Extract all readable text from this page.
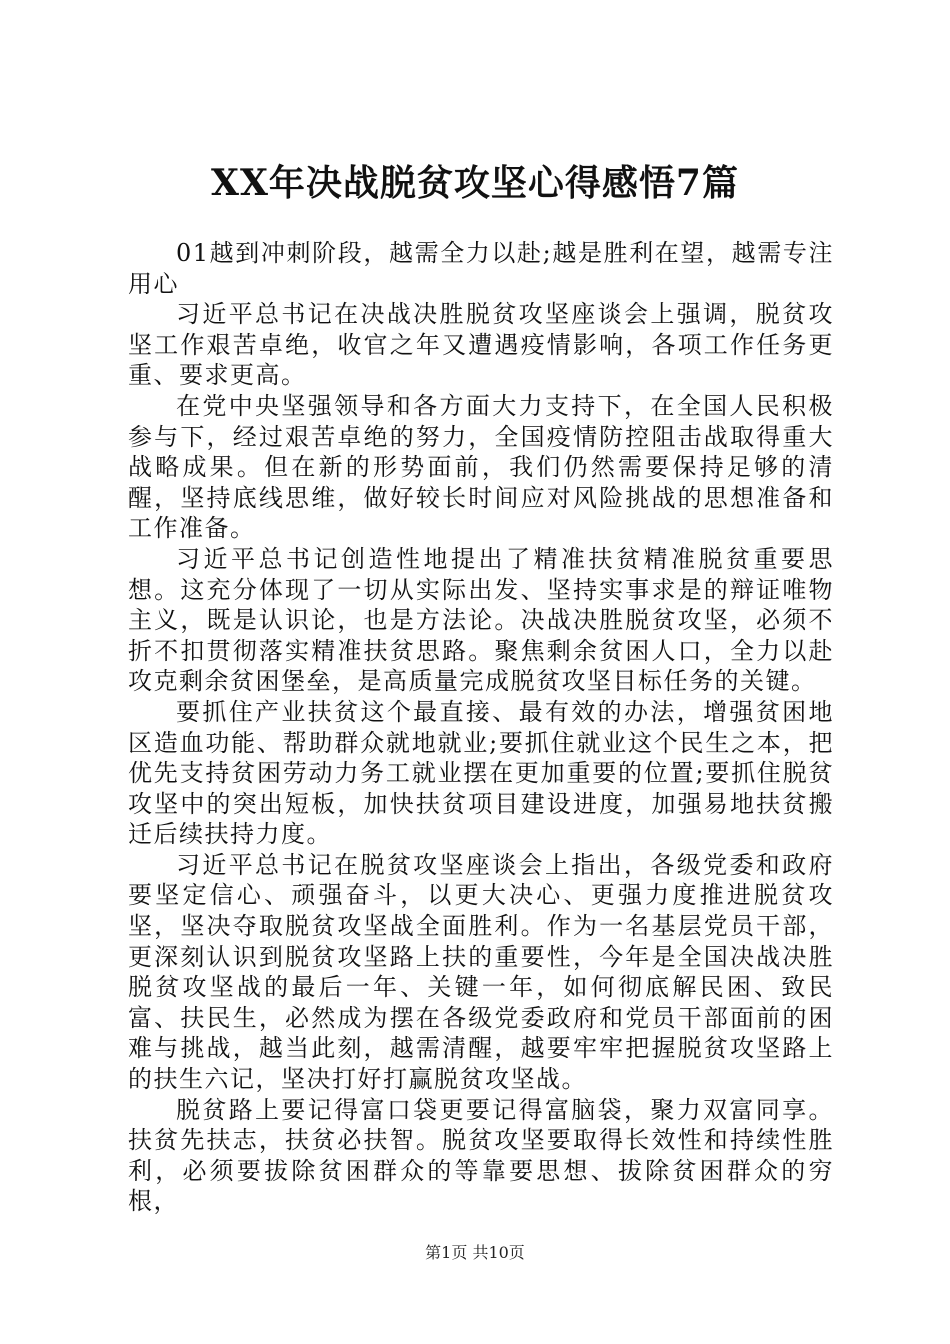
XX年决战脱贫攻坚心得感悟7篇

01越到冲刺阶段，越需全力以赴;越是胜利在望，越需专注用心

习近平总书记在决战决胜脱贫攻坚座谈会上强调，脱贫攻坚工作艰苦卓绝，收官之年又遭遇疫情影响，各项工作任务更重、要求更高。

在党中央坚强领导和各方面大力支持下，在全国人民积极参与下，经过艰苦卓绝的努力，全国疫情防控阻击战取得重大战略成果。但在新的形势面前，我们仍然需要保持足够的清醒，坚持底线思维，做好较长时间应对风险挑战的思想准备和工作准备。

习近平总书记创造性地提出了精准扶贫精准脱贫重要思想。这充分体现了一切从实际出发、坚持实事求是的辩证唯物主义，既是认识论，也是方法论。决战决胜脱贫攻坚，必须不折不扣贯彻落实精准扶贫思路。聚焦剩余贫困人口，全力以赴攻克剩余贫困堡垒，是高质量完成脱贫攻坚目标任务的关键。

要抓住产业扶贫这个最直接、最有效的办法，增强贫困地区造血功能、帮助群众就地就业;要抓住就业这个民生之本，把优先支持贫困劳动力务工就业摆在更加重要的位置;要抓住脱贫攻坚中的突出短板，加快扶贫项目建设进度，加强易地扶贫搬迁后续扶持力度。

习近平总书记在脱贫攻坚座谈会上指出，各级党委和政府要坚定信心、顽强奋斗，以更大决心、更强力度推进脱贫攻坚，坚决夺取脱贫攻坚战全面胜利。作为一名基层党员干部，更深刻认识到脱贫攻坚路上扶的重要性，今年是全国决战决胜脱贫攻坚战的最后一年、关键一年，如何彻底解民困、致民富、扶民生，必然成为摆在各级党委政府和党员干部面前的困难与挑战，越当此刻，越需清醒，越要牢牢把握脱贫攻坚路上的扶生六记，坚决打好打赢脱贫攻坚战。

脱贫路上要记得富口袋更要记得富脑袋，聚力双富同享。扶贫先扶志，扶贫必扶智。脱贫攻坚要取得长效性和持续性胜利，必须要拔除贫困群众的等靠要思想、拔除贫困群众的穷根，

第1页 共10页
